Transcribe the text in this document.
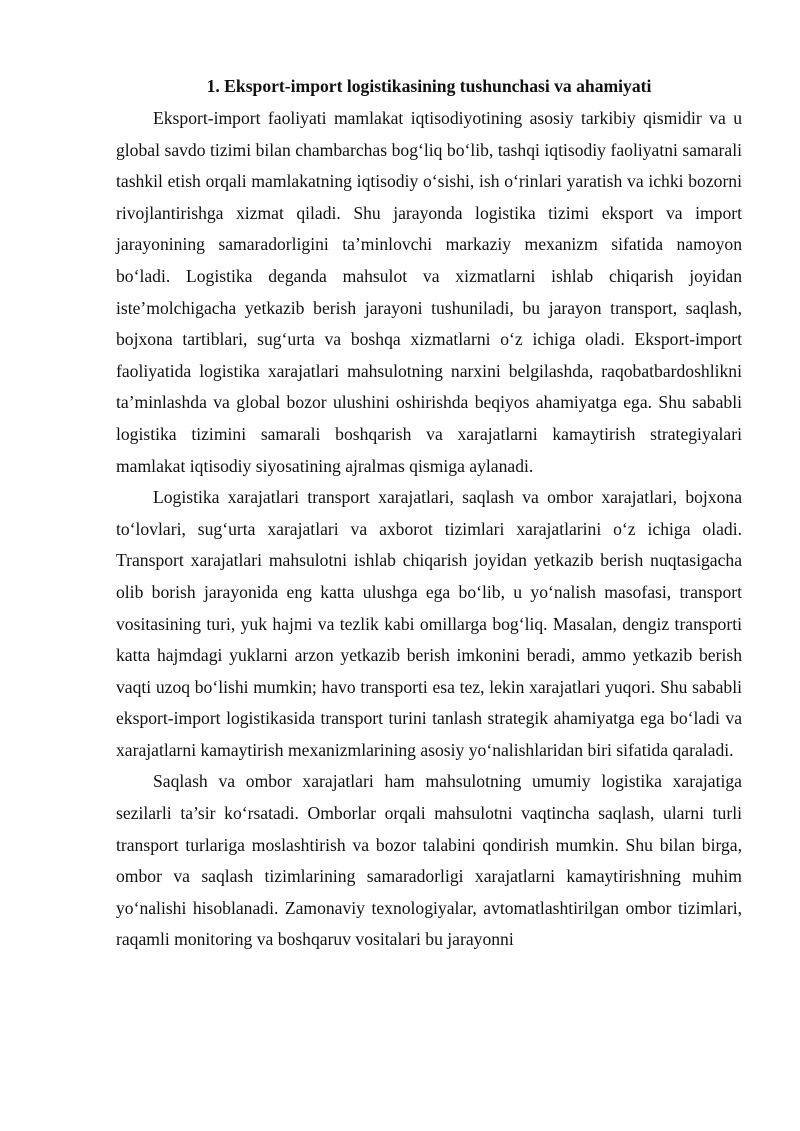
1. Eksport-import logistikasining tushunchasi va ahamiyati

Eksport-import faoliyati mamlakat iqtisodiyotining asosiy tarkibiy qismidir va u global savdo tizimi bilan chambarchas bog‘liq bo‘lib, tashqi iqtisodiy faoliyatni samarali tashkil etish orqali mamlakatning iqtisodiy o‘sishi, ish o‘rinlari yaratish va ichki bozorni rivojlantirishga xizmat qiladi. Shu jarayonda logistika tizimi eksport va import jarayonining samaradorligini ta’minlovchi markaziy mexanizm sifatida namoyon bo‘ladi. Logistika deganda mahsulot va xizmatlarni ishlab chiqarish joyidan iste’molchigacha yetkazib berish jarayoni tushuniladi, bu jarayon transport, saqlash, bojxona tartiblari, sug‘urta va boshqa xizmatlarni o‘z ichiga oladi. Eksport-import faoliyatida logistika xarajatlari mahsulotning narxini belgilashda, raqobatbardoshlikni ta’minlashda va global bozor ulushini oshirishda beqiyos ahamiyatga ega. Shu sababli logistika tizimini samarali boshqarish va xarajatlarni kamaytirish strategiyalari mamlakat iqtisodiy siyosatining ajralmas qismiga aylanadi.

Logistika xarajatlari transport xarajatlari, saqlash va ombor xarajatlari, bojxona to‘lovlari, sug‘urta xarajatlari va axborot tizimlari xarajatlarini o‘z ichiga oladi. Transport xarajatlari mahsulotni ishlab chiqarish joyidan yetkazib berish nuqtasigacha olib borish jarayonida eng katta ulushga ega bo‘lib, u yo‘nalish masofasi, transport vositasining turi, yuk hajmi va tezlik kabi omillarga bog‘liq. Masalan, dengiz transporti katta hajmdagi yuklarni arzon yetkazib berish imkonini beradi, ammo yetkazib berish vaqti uzoq bo‘lishi mumkin; havo transporti esa tez, lekin xarajatlari yuqori. Shu sababli eksport-import logistikasida transport turini tanlash strategik ahamiyatga ega bo‘ladi va xarajatlarni kamaytirish mexanizmlarining asosiy yo‘nalishlaridan biri sifatida qaraladi.

Saqlash va ombor xarajatlari ham mahsulotning umumiy logistika xarajatiga sezilarli ta’sir ko‘rsatadi. Omborlar orqali mahsulotni vaqtincha saqlash, ularni turli transport turlariga moslashtirish va bozor talabini qondirish mumkin. Shu bilan birga, ombor va saqlash tizimlarining samaradorligi xarajatlarni kamaytirishning muhim yo‘nalishi hisoblanadi. Zamonaviy texnologiyalar, avtomatlashtirilgan ombor tizimlari, raqamli monitoring va boshqaruv vositalari bu jarayonni
